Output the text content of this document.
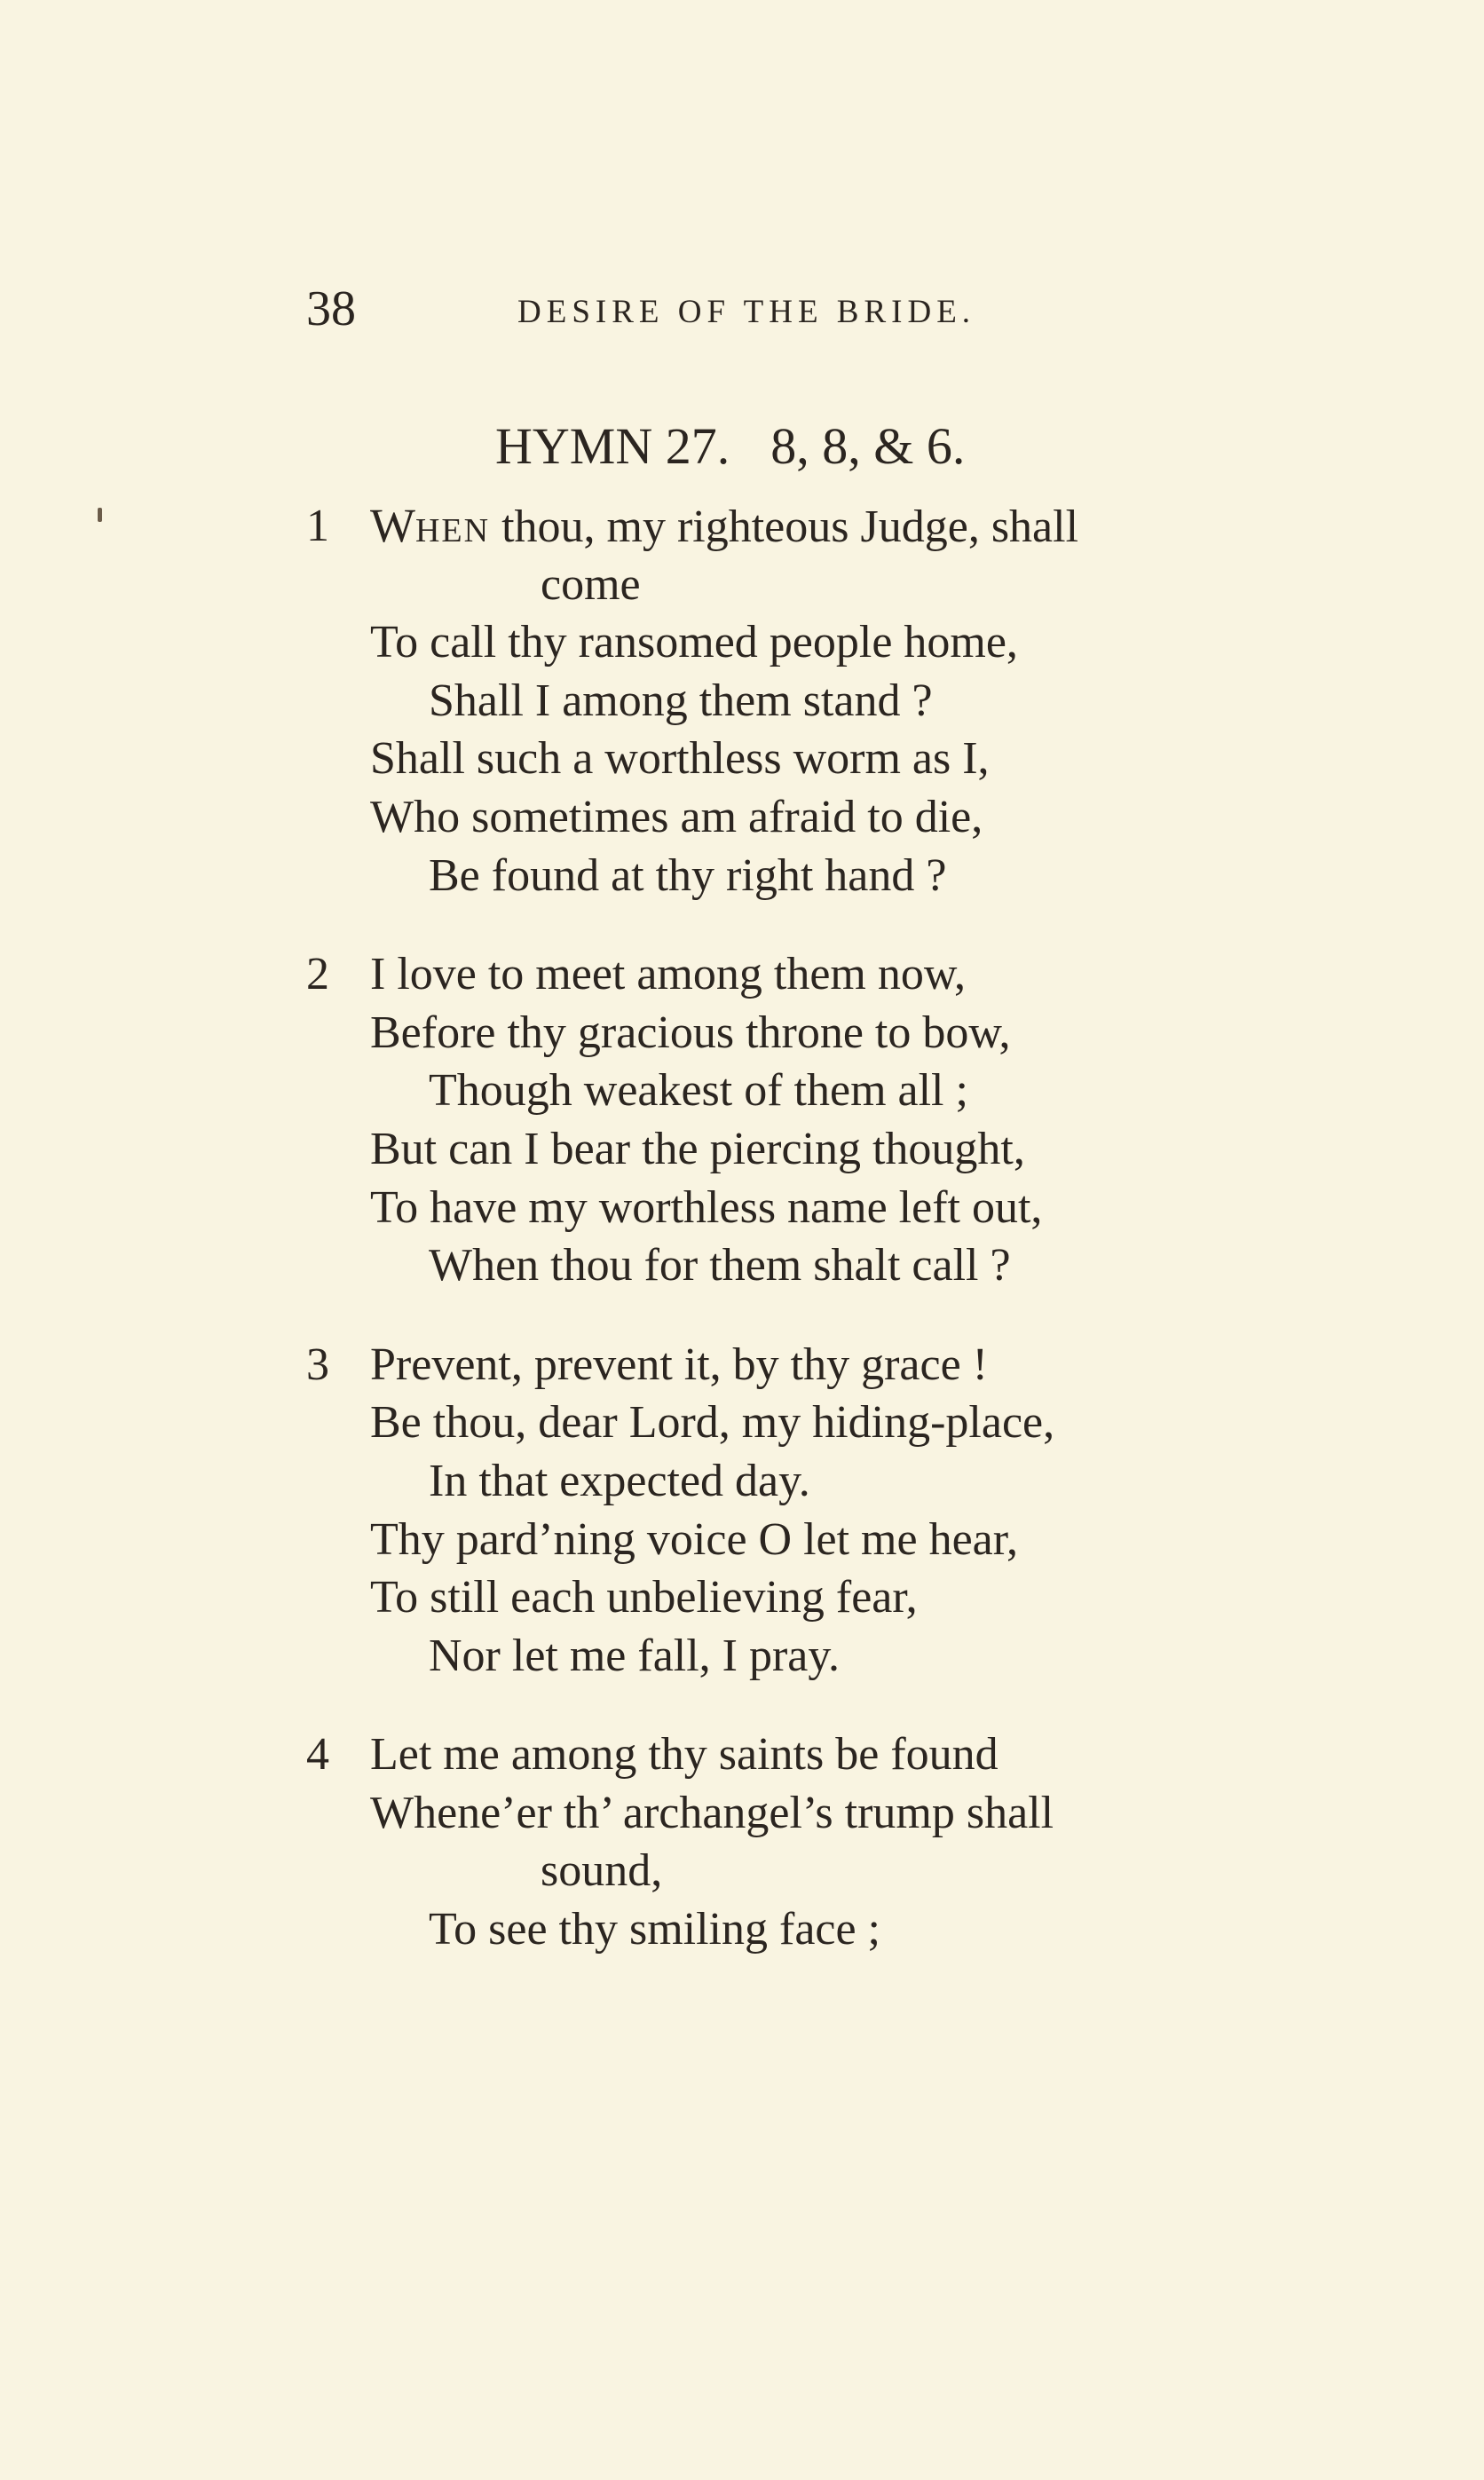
38	DESIRE OF THE BRIDE.
HYMN 27. 8, 8, & 6.
1 WHEN thou, my righteous Judge, shall
come
To call thy ransomed people home,
Shall I among them stand ?
Shall such a worthless worm as I,
Who sometimes am afraid to die,
Be found at thy right hand ?
2 I love to meet among them now,
Before thy gracious throne to bow,
Though weakest of them all ;
But can I bear the piercing thought,
To have my worthless name left out,
When thou for them shalt call ?
3 Prevent, prevent it, by thy grace !
Be thou, dear Lord, my hiding-place,
In that expected day.
Thy pard’ning voice O let me hear,
To still each unbelieving fear,
Nor let me fall, I pray.
4 Let me among thy saints be found
Whene’er th’ archangel’s trump shall
sound,
To see thy smiling face ;
